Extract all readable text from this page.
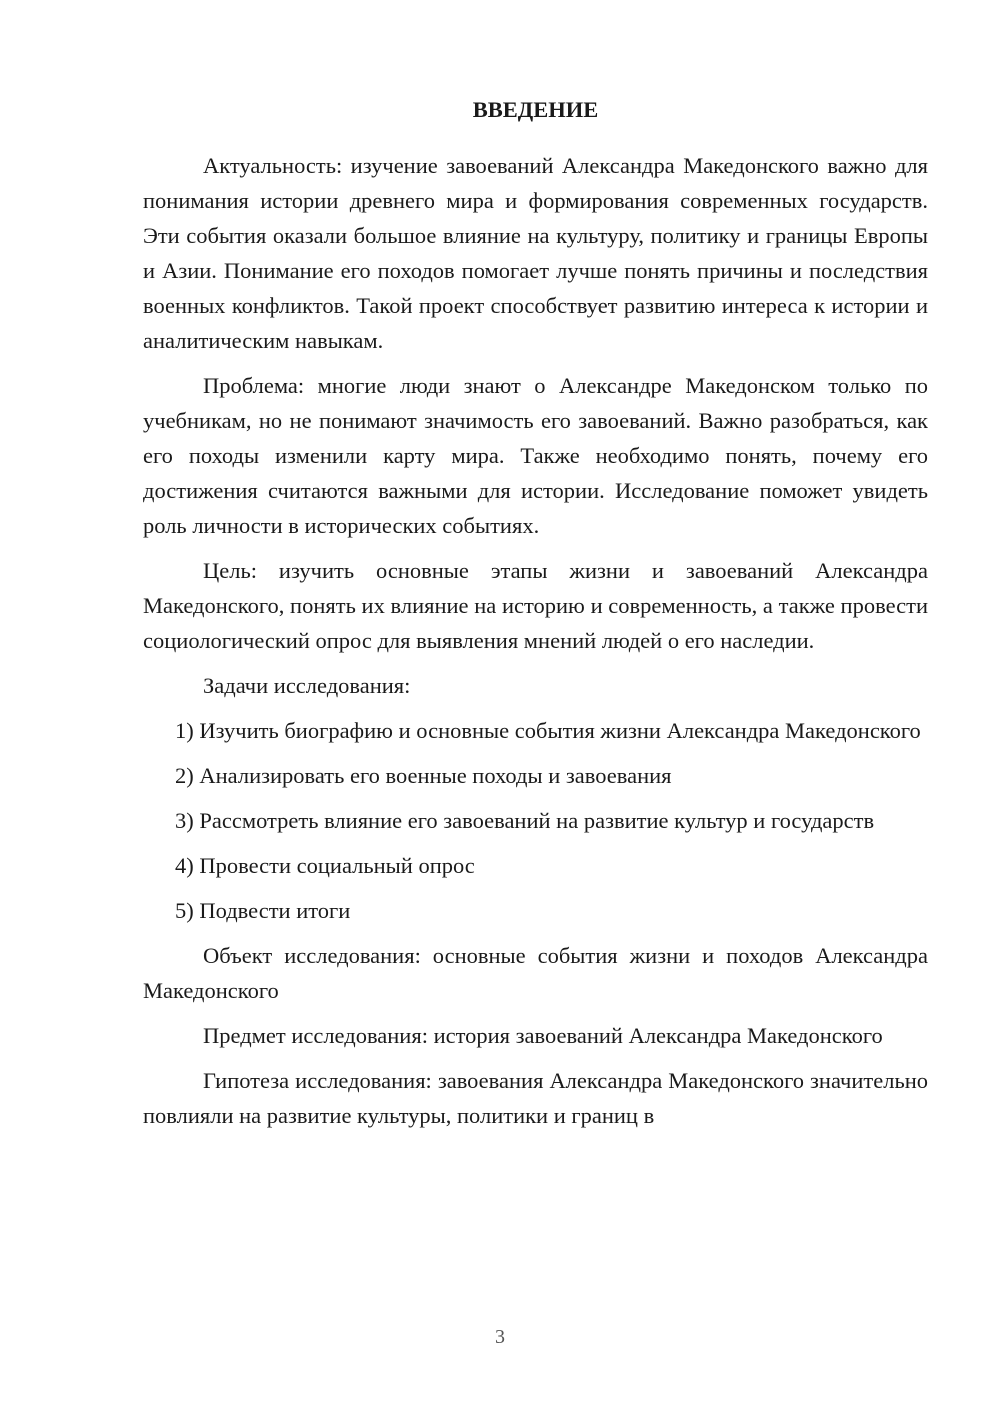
ВВЕДЕНИЕ

Актуальность: изучение завоеваний Александра Македонского важно для понимания истории древнего мира и формирования современных государств. Эти события оказали большое влияние на культуру, политику и границы Европы и Азии. Понимание его походов помогает лучше понять причины и последствия военных конфликтов. Такой проект способствует развитию интереса к истории и аналитическим навыкам.

Проблема: многие люди знают о Александре Македонском только по учебникам, но не понимают значимость его завоеваний. Важно разобраться, как его походы изменили карту мира. Также необходимо понять, почему его достижения считаются важными для истории. Исследование поможет увидеть роль личности в исторических событиях.

Цель: изучить основные этапы жизни и завоеваний Александра Македонского, понять их влияние на историю и современность, а также провести социологический опрос для выявления мнений людей о его наследии.

Задачи исследования:

1) Изучить биографию и основные события жизни Александра Македонского

2) Анализировать его военные походы и завоевания

3) Рассмотреть влияние его завоеваний на развитие культур и государств

4) Провести социальный опрос

5) Подвести итоги

Объект исследования: основные события жизни и походов Александра Македонского

Предмет исследования: история завоеваний Александра Македонского

Гипотеза исследования: завоевания Александра Македонского значительно повлияли на развитие культуры, политики и границ в

3
